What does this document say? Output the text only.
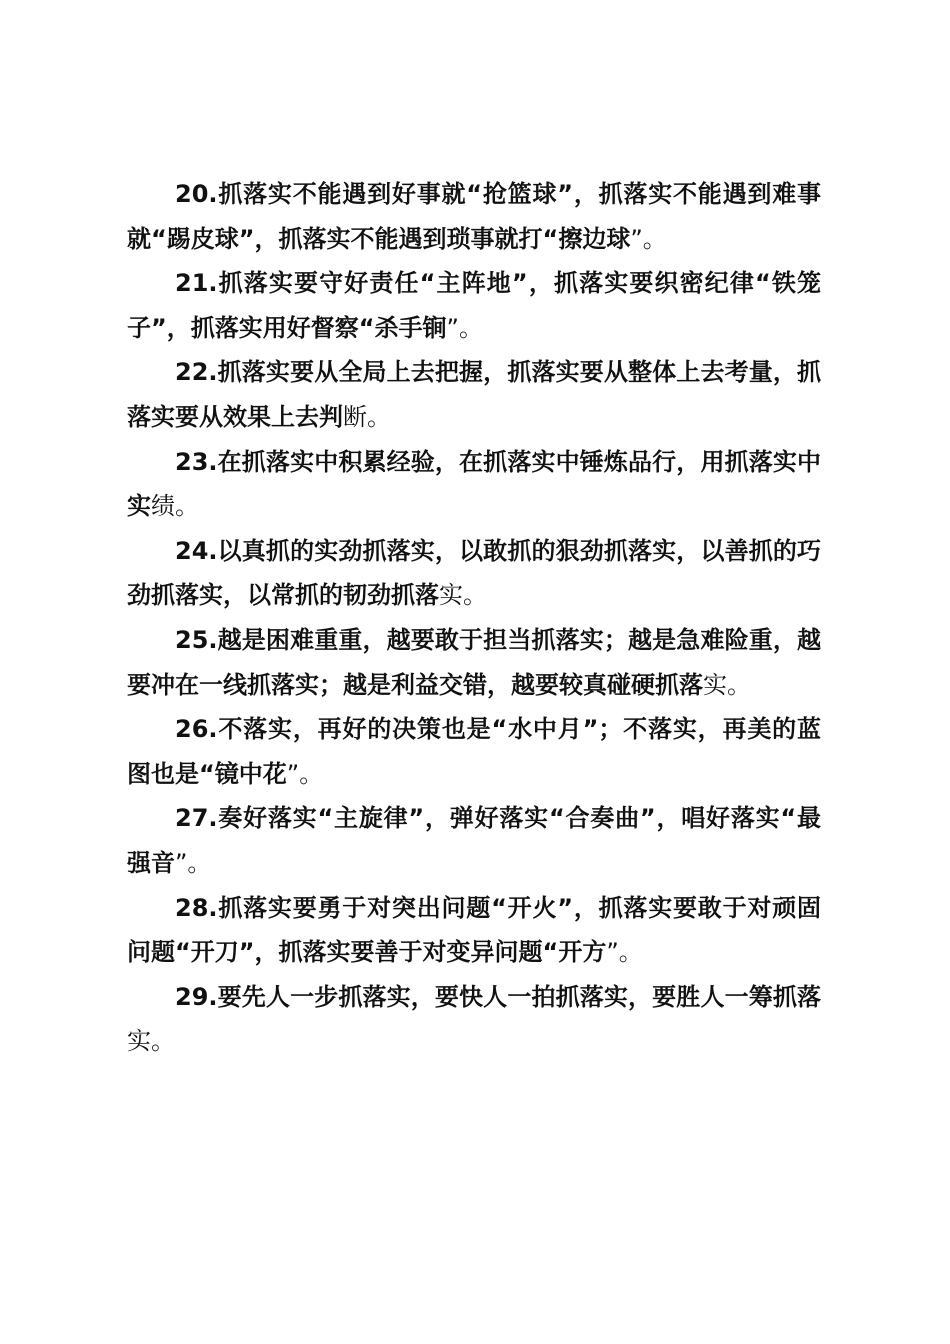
20.抓落实不能遇到好事就“抢篮球”，抓落实不能遇到难事就“踢皮球”，抓落实不能遇到琐事就打“擦边球”。

21.抓落实要守好责任“主阵地”，抓落实要织密纪律“铁笼子”，抓落实用好督察“杀手锏”。

22.抓落实要从全局上去把握，抓落实要从整体上去考量，抓落实要从效果上去判断。

23.在抓落实中积累经验，在抓落实中锤炼品行，用抓落实中实绩。

24.以真抓的实劲抓落实，以敢抓的狠劲抓落实，以善抓的巧劲抓落实，以常抓的韧劲抓落实。

25.越是困难重重，越要敢于担当抓落实；越是急难险重，越要冲在一线抓落实；越是利益交错，越要较真碰硬抓落实。

26.不落实，再好的决策也是“水中月”；不落实，再美的蓝图也是“镜中花”。

27.奏好落实“主旋律”，弹好落实“合奏曲”，唱好落实“最强音”。

28.抓落实要勇于对突出问题“开火”，抓落实要敢于对顽固问题“开刀”，抓落实要善于对变异问题“开方”。

29.要先人一步抓落实，要快人一拍抓落实，要胜人一筹抓落实。
